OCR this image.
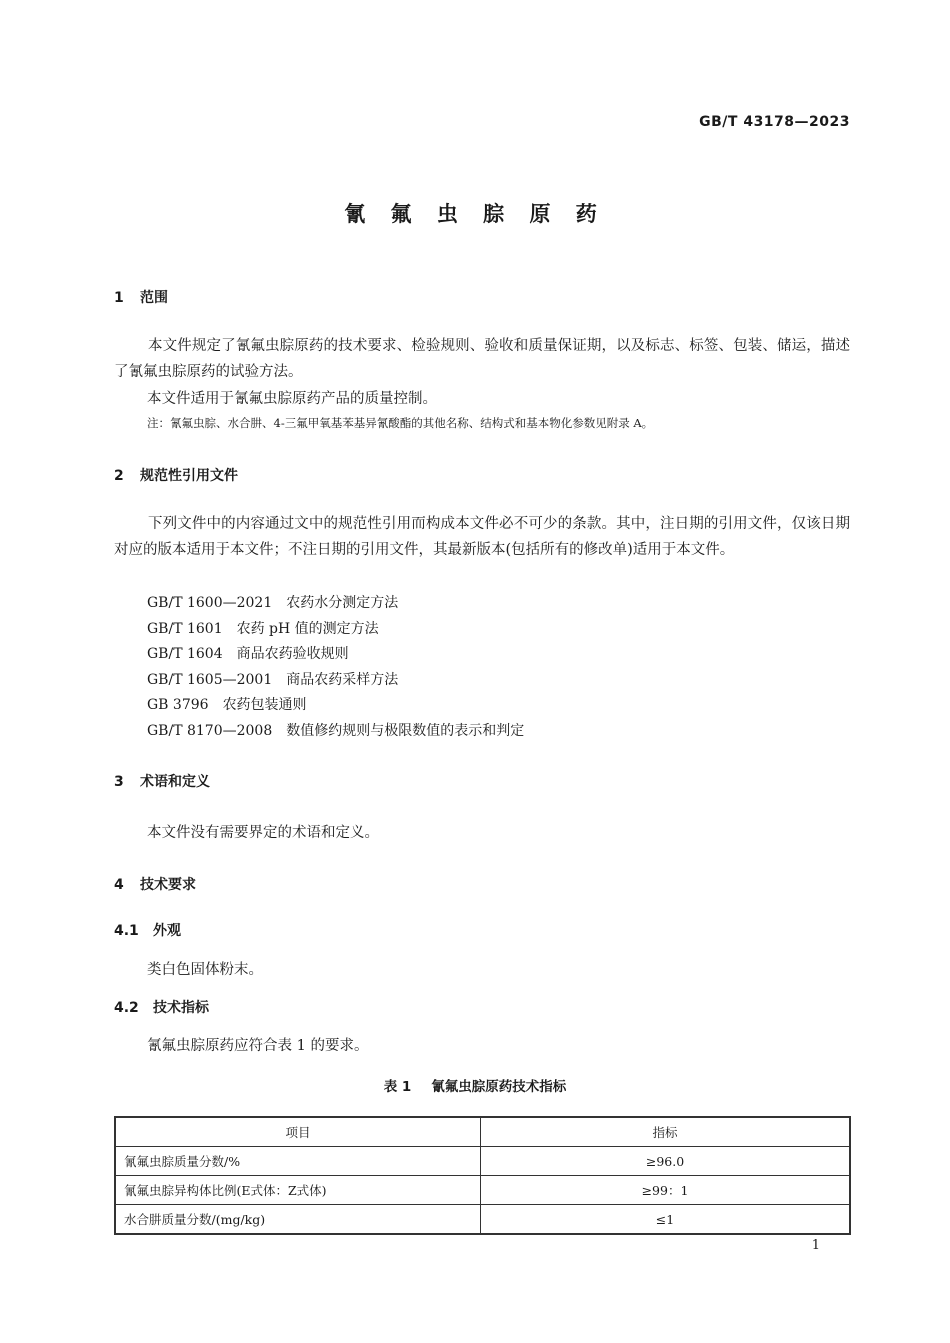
GB/T 43178—2023
氰 氟 虫 腙 原 药
1 范围
本文件规定了氰氟虫腙原药的技术要求、检验规则、验收和质量保证期，以及标志、标签、包装、储运，描述了氰氟虫腙原药的试验方法。
本文件适用于氰氟虫腙原药产品的质量控制。
注：氰氟虫腙、水合肼、4-三氟甲氧基苯基异氰酸酯的其他名称、结构式和基本物化参数见附录 A。
2 规范性引用文件
下列文件中的内容通过文中的规范性引用而构成本文件必不可少的条款。其中，注日期的引用文件，仅该日期对应的版本适用于本文件；不注日期的引用文件，其最新版本(包括所有的修改单)适用于本文件。
GB/T 1600—2021 农药水分测定方法
GB/T 1601 农药 pH 值的测定方法
GB/T 1604 商品农药验收规则
GB/T 1605—2001 商品农药采样方法
GB 3796 农药包装通则
GB/T 8170—2008 数值修约规则与极限数值的表示和判定
3 术语和定义
本文件没有需要界定的术语和定义。
4 技术要求
4.1 外观
类白色固体粉末。
4.2 技术指标
氰氟虫腙原药应符合表 1 的要求。
表 1 氰氟虫腙原药技术指标
项目	指标
氰氟虫腙质量分数/%	≥96.0
氰氟虫腙异构体比例(E式体：Z式体)	≥99：1
水合肼质量分数/(mg/kg)	≤1
1
